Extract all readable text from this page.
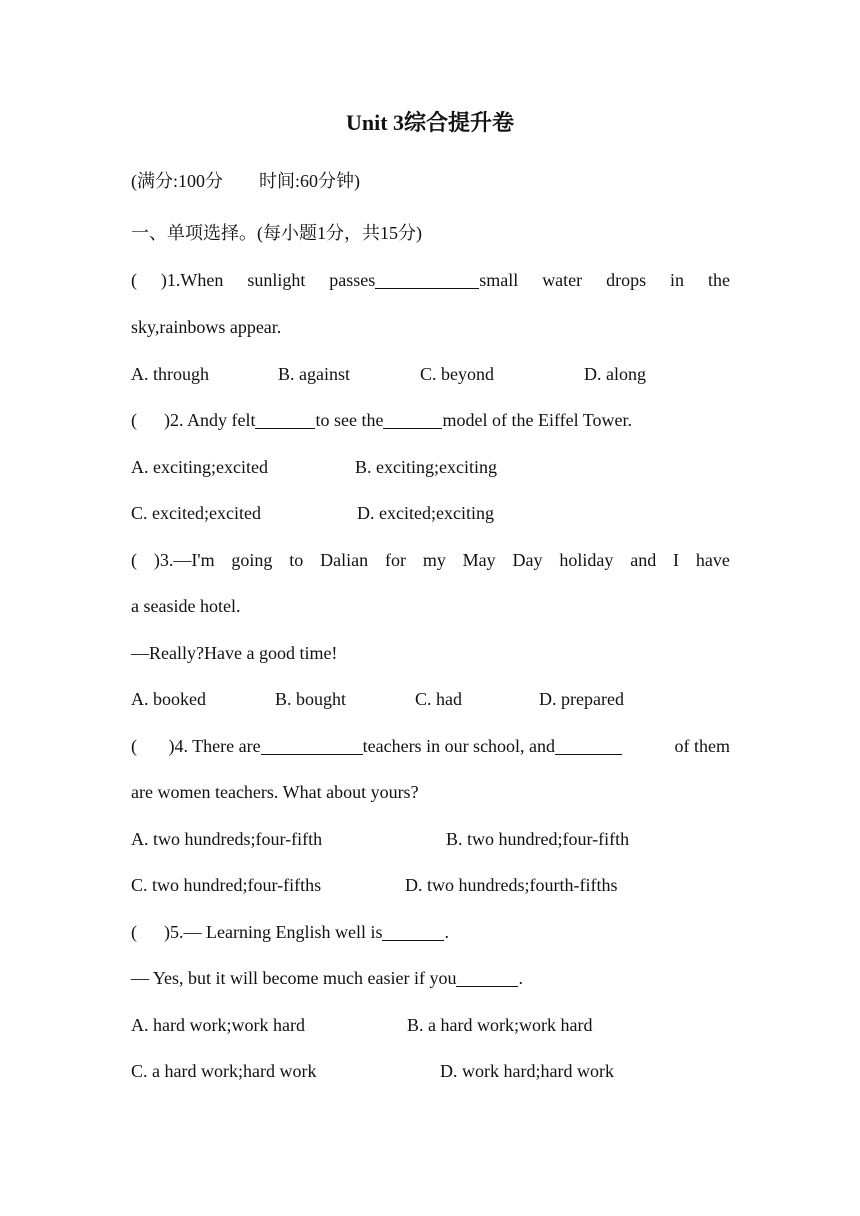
Unit 3综合提升卷
(满分:100分　　时间:60分钟)
一、单项选择。(每小题1分，共15分)
( )1.When sunlight passes	small water drops in the
sky,rainbows appear.
A. through	B. against	C. beyond	D. along
(      )2. Andy felt	to see the	model of the Eiffel Tower.
A. exciting;excited	B. exciting;exciting
C. excited;excited	D. excited;exciting
( )3.—I'm going to Dalian for my May Day holiday and I have
a seaside hotel.
—Really?Have a good time!
A. booked	B. bought	C. had	D. prepared
(       )4. There are	teachers in our school, and	of them
are women teachers. What about yours?
A. two hundreds;four-fifth	B. two hundred;four-fifth
C. two hundred;four-fifths	D. two hundreds;fourth-fifths
(      )5.— Learning English well is	.
— Yes, but it will become much easier if you	.
A. hard work;work hard	B. a hard work;work hard
C. a hard work;hard work	D. work hard;hard work
